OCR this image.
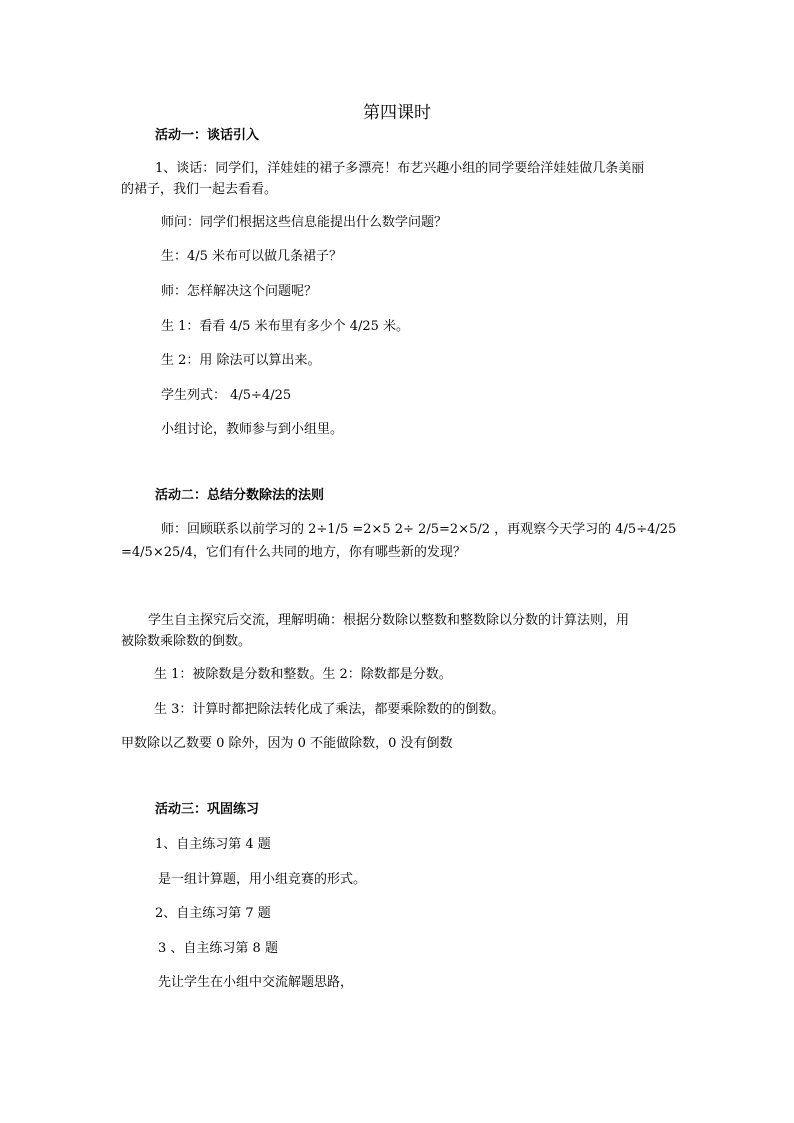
第四课时
活动一：谈话引入
1、谈话：同学们，洋娃娃的裙子多漂亮！布艺兴趣小组的同学要给洋娃娃做几条美丽
的裙子，我们一起去看看。
师问：同学们根据这些信息能提出什么数学问题？
生：4/5 米布可以做几条裙子？
师：怎样解决这个问题呢？
生 1：看看 4/5 米布里有多少个 4/25 米。
生 2：用 除法可以算出来。
学生列式： 4/5÷4/25
小组讨论，教师参与到小组里。
活动二：总结分数除法的法则
师：回顾联系以前学习的 2÷1/5 =2×5 2÷ 2/5=2×5/2 ，再观察今天学习的 4/5÷4/25
=4/5×25/4，它们有什么共同的地方，你有哪些新的发现？
学生自主探究后交流，理解明确：根据分数除以整数和整数除以分数的计算法则，用
被除数乘除数的倒数。
生 1：被除数是分数和整数。生 2：除数都是分数。
生 3：计算时都把除法转化成了乘法，都要乘除数的的倒数。
甲数除以乙数要 0 除外，因为 0 不能做除数，0 没有倒数
活动三：巩固练习
1、自主练习第 4 题
是一组计算题，用小组竞赛的形式。
2、自主练习第 7 题
3 、自主练习第 8 题
先让学生在小组中交流解题思路，
